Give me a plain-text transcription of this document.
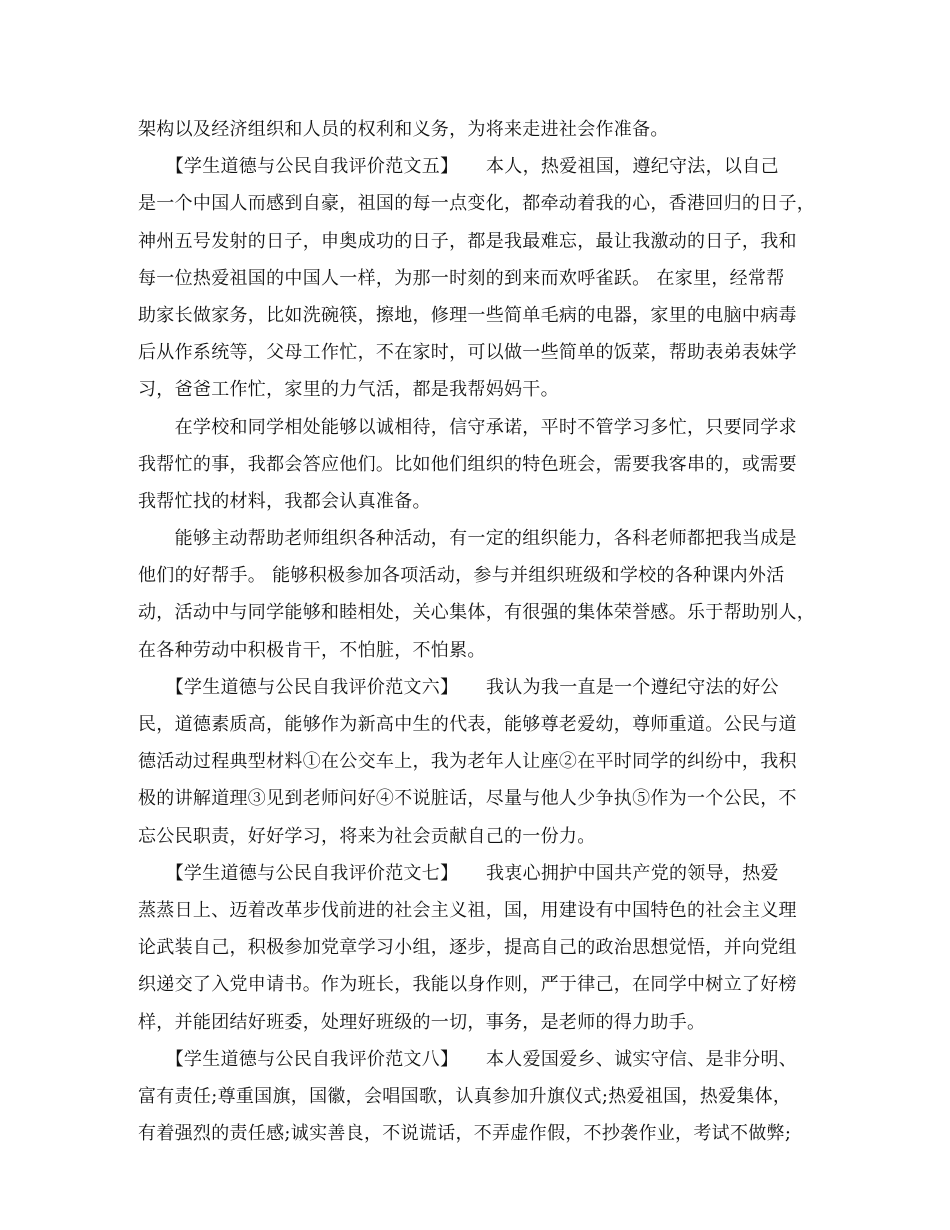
架构以及经济组织和人员的权利和义务，为将来走进社会作准备。
　　【学生道德与公民自我评价范文五】　　本人，热爱祖国，遵纪守法，以自己
是一个中国人而感到自豪，祖国的每一点变化，都牵动着我的心，香港回归的日子，
神州五号发射的日子，申奥成功的日子，都是我最难忘，最让我激动的日子，我和
每一位热爱祖国的中国人一样，为那一时刻的到来而欢呼雀跃。 在家里，经常帮
助家长做家务，比如洗碗筷，擦地，修理一些简单毛病的电器，家里的电脑中病毒
后从作系统等，父母工作忙，不在家时，可以做一些简单的饭菜，帮助表弟表妹学
习，爸爸工作忙，家里的力气活，都是我帮妈妈干。
　　在学校和同学相处能够以诚相待，信守承诺，平时不管学习多忙，只要同学求
我帮忙的事，我都会答应他们。比如他们组织的特色班会，需要我客串的，或需要
我帮忙找的材料，我都会认真准备。
　　能够主动帮助老师组织各种活动，有一定的组织能力，各科老师都把我当成是
他们的好帮手。 能够积极参加各项活动，参与并组织班级和学校的各种课内外活
动，活动中与同学能够和睦相处，关心集体，有很强的集体荣誉感。乐于帮助别人，
在各种劳动中积极肯干，不怕脏，不怕累。
　　【学生道德与公民自我评价范文六】　　我认为我一直是一个遵纪守法的好公
民，道德素质高，能够作为新高中生的代表，能够尊老爱幼，尊师重道。公民与道
德活动过程典型材料①在公交车上，我为老年人让座②在平时同学的纠纷中，我积
极的讲解道理③见到老师问好④不说脏话，尽量与他人少争执⑤作为一个公民，不
忘公民职责，好好学习，将来为社会贡献自己的一份力。
　　【学生道德与公民自我评价范文七】　　我衷心拥护中国共产党的领导，热爱
蒸蒸日上、迈着改革步伐前进的社会主义祖，国，用建设有中国特色的社会主义理
论武装自己，积极参加党章学习小组，逐步，提高自己的政治思想觉悟，并向党组
织递交了入党申请书。作为班长，我能以身作则，严于律己，在同学中树立了好榜
样，并能团结好班委，处理好班级的一切，事务，是老师的得力助手。
　　【学生道德与公民自我评价范文八】　　本人爱国爱乡、诚实守信、是非分明、
富有责任;尊重国旗，国徽，会唱国歌，认真参加升旗仪式;热爱祖国，热爱集体，
有着强烈的责任感;诚实善良，不说谎话，不弄虚作假，不抄袭作业，考试不做弊;
